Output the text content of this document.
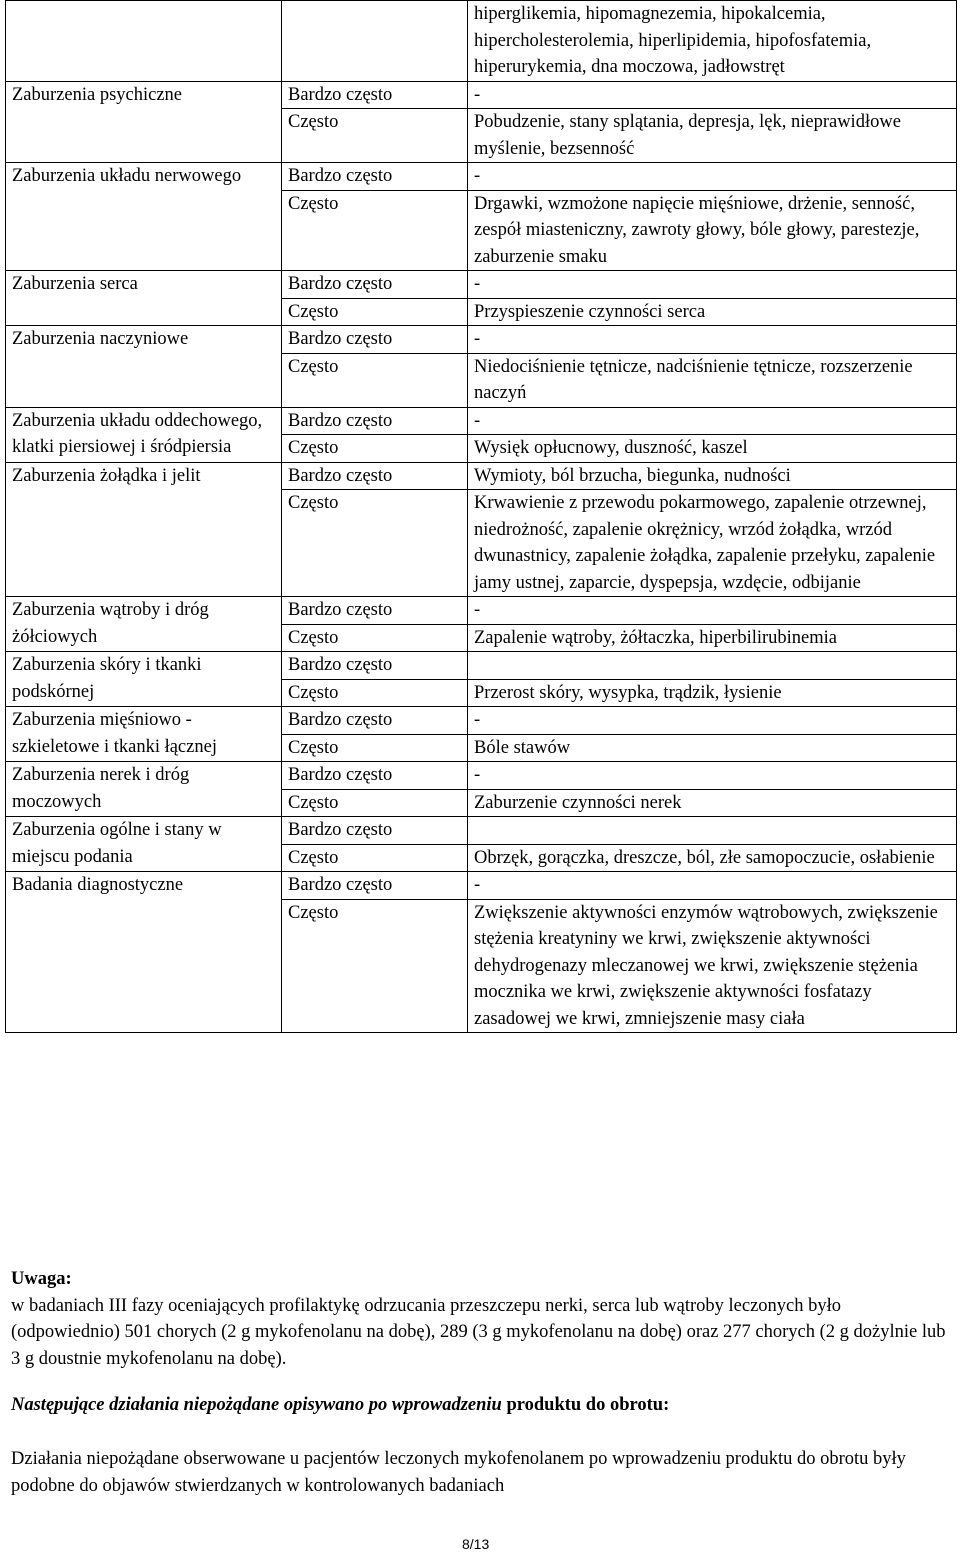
		hiperglikemia, hipomagnezemia, hipokalcemia, hipercholesterolemia, hiperlipidemia, hipofosfatemia, hiperurykemia, dna moczowa, jadłowstręt
Zaburzenia psychiczne	Bardzo często	-
	Często	Pobudzenie, stany splątania, depresja, lęk, nieprawidłowe myślenie, bezsenność
Zaburzenia układu nerwowego	Bardzo często	-
	Często	Drgawki, wzmożone napięcie mięśniowe, drżenie, senność, zespół miasteniczny, zawroty głowy, bóle głowy, parestezje, zaburzenie smaku
Zaburzenia serca	Bardzo często	-
	Często	Przyspieszenie czynności serca
Zaburzenia naczyniowe	Bardzo często	-
	Często	Niedociśnienie tętnicze, nadciśnienie tętnicze, rozszerzenie naczyń
Zaburzenia układu oddechowego, klatki piersiowej i śródpiersia	Bardzo często	-
	Często	Wysięk opłucnowy, duszność, kaszel
Zaburzenia żołądka i jelit	Bardzo często	Wymioty, ból brzucha, biegunka, nudności
	Często	Krwawienie z przewodu pokarmowego, zapalenie otrzewnej, niedrożność, zapalenie okrężnicy, wrzód żołądka, wrzód dwunastnicy, zapalenie żołądka, zapalenie przełyku, zapalenie jamy ustnej, zaparcie, dyspepsja, wzdęcie, odbijanie
Zaburzenia wątroby i dróg żółciowych	Bardzo często	-
	Często	Zapalenie wątroby, żółtaczka, hiperbilirubinemia
Zaburzenia skóry i tkanki podskórnej	Bardzo często	
	Często	Przerost skóry, wysypka, trądzik, łysienie
Zaburzenia mięśniowo - szkieletowe i tkanki łącznej	Bardzo często	-
	Często	Bóle stawów
Zaburzenia nerek i dróg moczowych	Bardzo często	-
	Często	Zaburzenie czynności nerek
Zaburzenia ogólne i stany w miejscu podania	Bardzo często	
	Często	Obrzęk, gorączka, dreszcze, ból, złe samopoczucie, osłabienie
Badania diagnostyczne	Bardzo często	-
	Często	Zwiększenie aktywności enzymów wątrobowych, zwiększenie stężenia kreatyniny we krwi, zwiększenie aktywności dehydrogenazy mleczanowej we krwi, zwiększenie stężenia mocznika we krwi, zwiększenie aktywności fosfatazy zasadowej we krwi, zmniejszenie masy ciała
Uwaga:
w badaniach III fazy oceniających profilaktykę odrzucania przeszczepu nerki, serca lub wątroby leczonych było (odpowiednio) 501 chorych (2 g mykofenolanu na dobę), 289 (3 g mykofenolanu na dobę) oraz 277 chorych (2 g dożylnie lub 3 g doustnie mykofenolanu na dobę).
Następujące działania niepożądane opisywano po wprowadzeniu produktu do obrotu:
Działania niepożądane obserwowane u pacjentów leczonych mykofenolanem po wprowadzeniu produktu do obrotu były podobne do objawów stwierdzanych w kontrolowanych badaniach
8/13
